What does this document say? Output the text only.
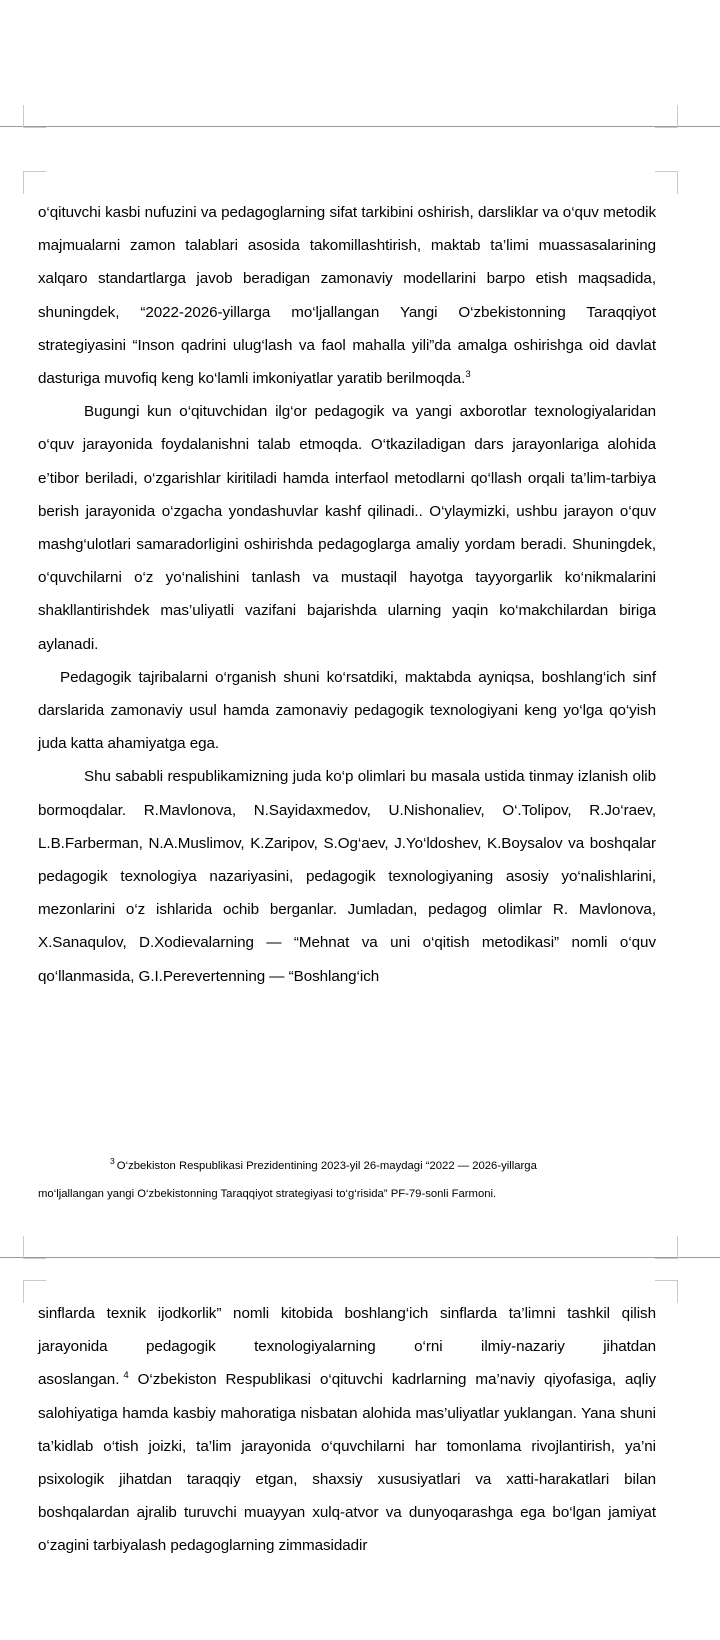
o‘qituvchi kasbi nufuzini va pedagoglarning sifat tarkibini oshirish, darsliklar va o‘quv metodik majmualarni zamon talablari asosida takomillashtirish, maktab ta’limi muassasalarining xalqaro standartlarga javob beradigan zamonaviy modellarini barpo etish maqsadida, shuningdek, “2022-2026-yillarga mo‘ljallangan Yangi O‘zbekistonning Taraqqiyot strategiyasini “Inson qadrini ulug‘lash va faol mahalla yili”da amalga oshirishga oid davlat dasturiga muvofiq keng ko‘lamli imkoniyatlar yaratib berilmoqda.$^3$

Bugungi kun o‘qituvchidan ilg‘or pedagogik va yangi axborotlar texnologiyalaridan o‘quv jarayonida foydalanishni talab etmoqda. O‘tkaziladigan dars jarayonlariga alohida e’tibor beriladi, o‘zgarishlar kiritiladi hamda interfaol metodlarni qo‘llash orqali ta’lim-tarbiya berish jarayonida o‘zgacha yondashuvlar kashf qilinadi.. O‘ylaymizki, ushbu jarayon o‘quv mashg‘ulotlari samaradorligini oshirishda pedagoglarga amaliy yordam beradi. Shuningdek, o‘quvchilarni o‘z yo‘nalishini tanlash va mustaqil hayotga tayyorgarlik ko‘nikmalarini shakllantirishdek mas’uliyatli vazifani bajarishda ularning yaqin ko‘makchilardan biriga aylanadi.

Pedagogik tajribalarni o‘rganish shuni ko‘rsatdiki, maktabda ayniqsa, boshlang‘ich sinf darslarida zamonaviy usul hamda zamonaviy pedagogik texnologiyani keng yo‘lga qo‘yish juda katta ahamiyatga ega.

Shu sababli respublikamizning juda ko‘p olimlari bu masala ustida tinmay izlanish olib bormoqdalar. R.Mavlonova, N.Sayidaxmedov, U.Nishonaliev, O‘.Tolipov, R.Jo‘raev, L.B.Farberman, N.A.Muslimov, K.Zaripov, S.Og‘aev, J.Yo‘ldoshev, K.Boysalov va boshqalar pedagogik texnologiya nazariyasini, pedagogik texnologiyaning asosiy yo‘nalishlarini, mezonlarini o‘z ishlarida ochib berganlar. Jumladan, pedagog olimlar R. Mavlonova, X.Sanaqulov, D.Xodievalarning — “Mehnat va uni o‘qitish metodikasi” nomli o‘quv qo‘llanmasida, G.I.Perevertenning — “Boshlang‘ich

$^3$ O‘zbekiston Respublikasi Prezidentining 2023-yil 26-maydagi “2022 — 2026-yillarga
mo‘ljallangan yangi O‘zbekistonning Taraqqiyot strategiyasi to‘g‘risida” PF-79-sonli Farmoni.

sinflarda texnik ijodkorlik” nomli kitobida boshlang‘ich sinflarda ta’limni tashkil qilish jarayonida pedagogik texnologiyalarning o‘rni ilmiy-nazariy jihatdan asoslangan. $^4$ O‘zbekiston Respublikasi o‘qituvchi kadrlarning ma’naviy qiyofasiga, aqliy salohiyatiga hamda kasbiy mahoratiga nisbatan alohida mas’uliyatlar yuklangan. Yana shuni ta’kidlab o‘tish joizki, ta’lim jarayonida o‘quvchilarni har tomonlama rivojlantirish, ya’ni psixologik jihatdan taraqqiy etgan, shaxsiy xususiyatlari va xatti-harakatlari bilan boshqalardan ajralib turuvchi muayyan xulq-atvor va dunyoqarashga ega bo‘lgan jamiyat o‘zagini tarbiyalash pedagoglarning zimmasidadir
